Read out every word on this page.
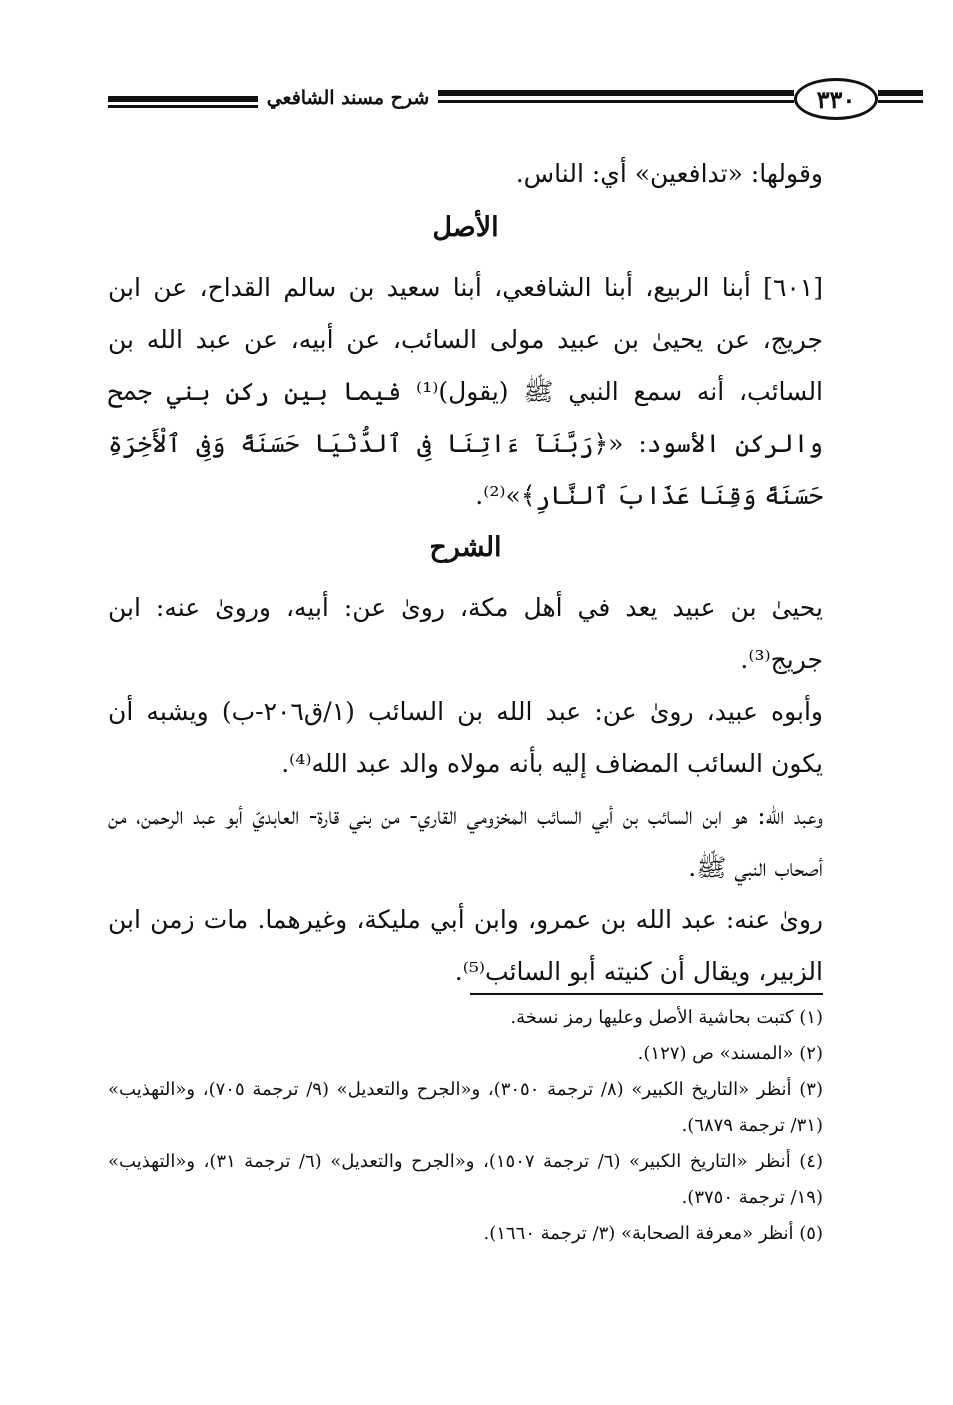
شرح مسند الشافعي	٣٣٠

وقولها: «تدافعين» أي: الناس.

الأصل

[٦٠١] أبنا الربيع، أبنا الشافعي، أبنا سعيد بن سالم القداح، عن ابن جريج، عن يحيىٰ بن عبيد مولى السائب، عن أبيه، عن عبد الله بن السائب، أنه سمع النبي ﷺ (يقول)⁽¹⁾ فيما بين ركن بني جمح والركن الأسود: «﴿رَبَّنَآ ءَاتِنَا فِى ٱلدُّنْيَا حَسَنَةً وَفِى ٱلْأَخِرَةِ حَسَنَةً وَقِنَا عَذَابَ ٱلنَّارِ﴾»⁽²⁾.

الشرح

يحيىٰ بن عبيد يعد في أهل مكة، روىٰ عن: أبيه، وروىٰ عنه: ابن جريج⁽³⁾.

وأبوه عبيد، روىٰ عن: عبد الله بن السائب (١/ق٢٠٦-ب) ويشبه أن يكون السائب المضاف إليه بأنه مولاه والد عبد الله⁽⁴⁾.

وعبد الله: هو ابن السائب بن أبي السائب المخزومي القاري- من بني قارة- العابديّ أبو عبد الرحمن، من أصحاب النبي ﷺ.

روىٰ عنه: عبد الله بن عمرو، وابن أبي مليكة، وغيرهما. مات زمن ابن الزبير، ويقال أن كنيته أبو السائب⁽⁵⁾.

(١) كتبت بحاشية الأصل وعليها رمز نسخة.

(٢) «المسند» ص (١٢٧).

(٣) أنظر «التاريخ الكبير» (٨/ ترجمة ٣٠٥٠)، و«الجرح والتعديل» (٩/ ترجمة ٧٠٥)، و«التهذيب» (٣١/ ترجمة ٦٨٧٩).

(٤) أنظر «التاريخ الكبير» (٦/ ترجمة ١٥٠٧)، و«الجرح والتعديل» (٦/ ترجمة ٣١)، و«التهذيب» (١٩/ ترجمة ٣٧٥٠).

(٥) أنظر «معرفة الصحابة» (٣/ ترجمة ١٦٦٠).
